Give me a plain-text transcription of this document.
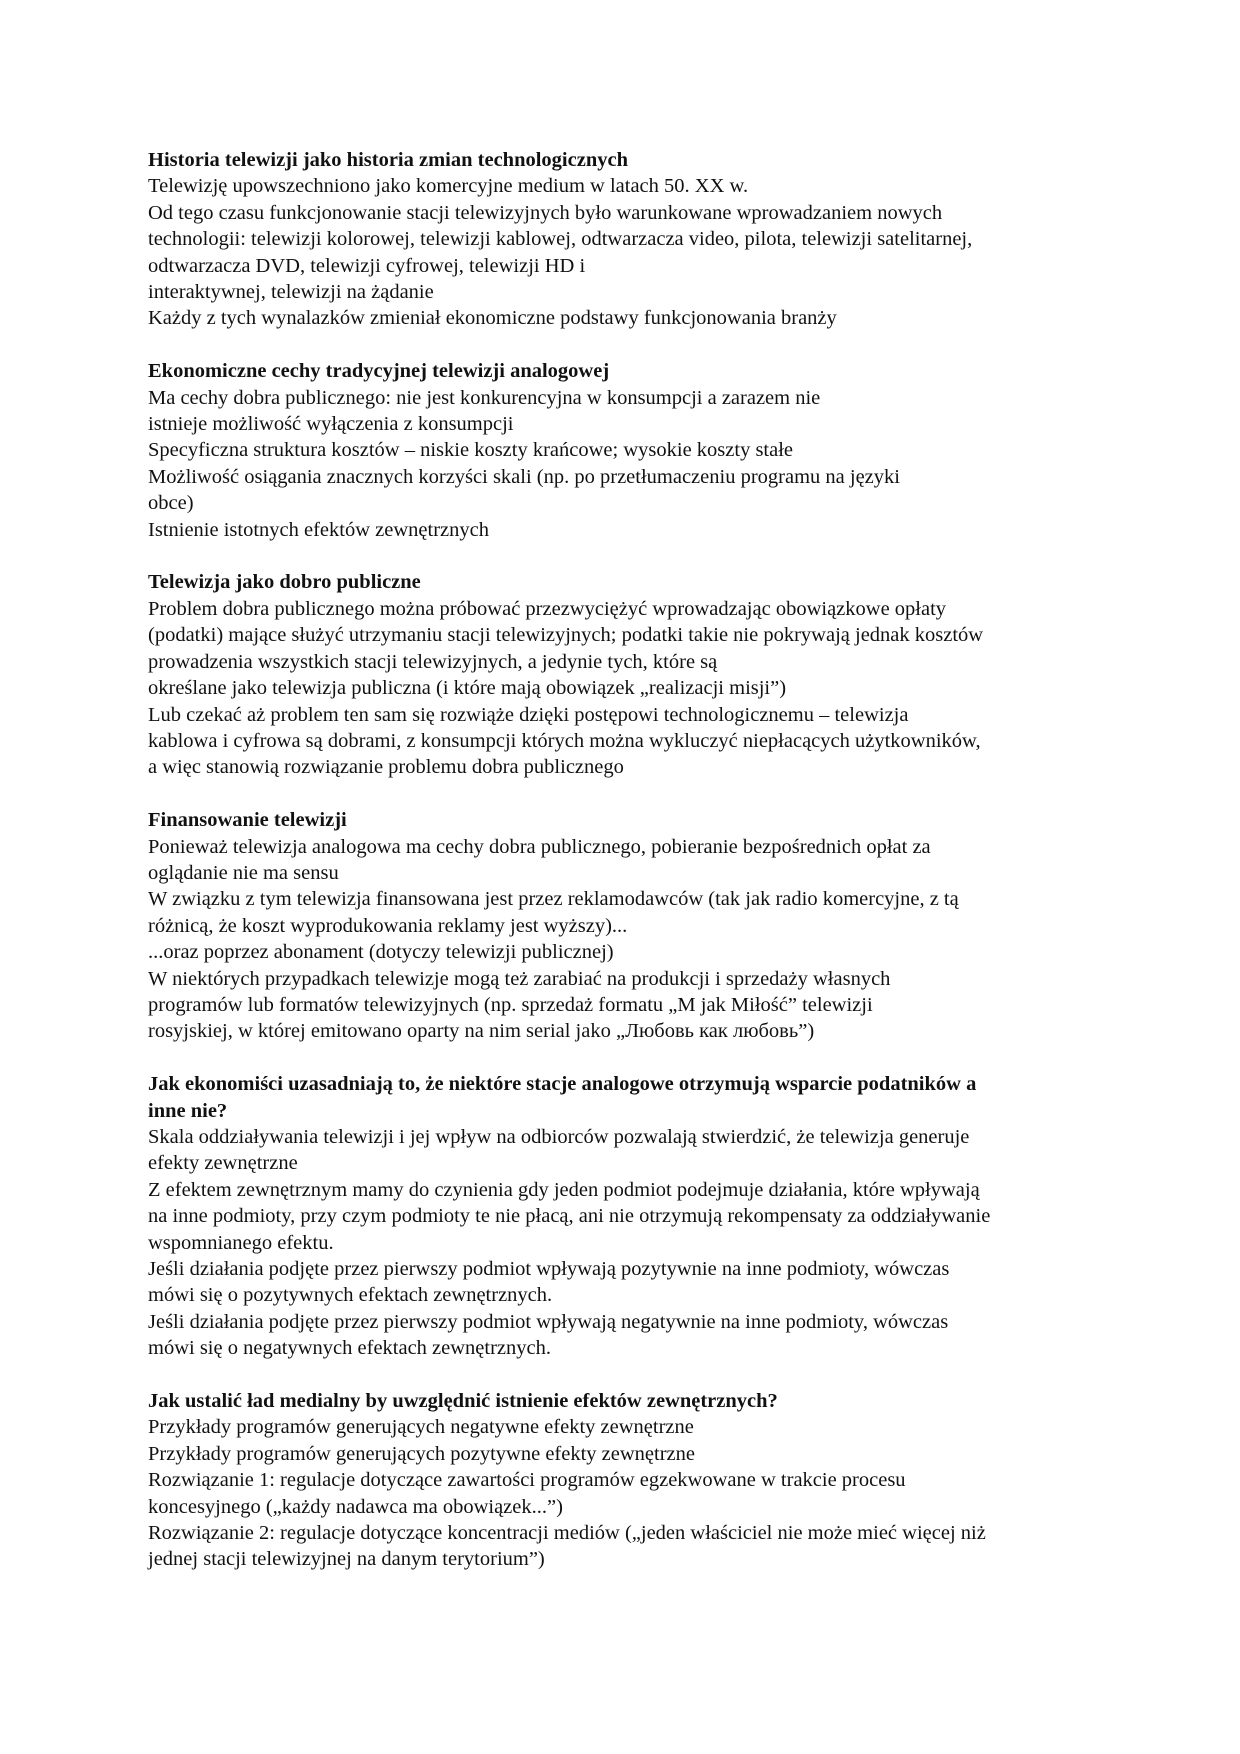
Historia telewizji jako historia zmian technologicznych

Telewizję upowszechniono jako komercyjne medium w latach 50. XX w.

Od tego czasu funkcjonowanie stacji telewizyjnych było warunkowane wprowadzaniem nowych
technologii: telewizji kolorowej, telewizji kablowej, odtwarzacza video, pilota, telewizji satelitarnej,
odtwarzacza DVD, telewizji cyfrowej, telewizji HD i
interaktywnej, telewizji na żądanie

Każdy z tych wynalazków zmieniał ekonomiczne podstawy funkcjonowania branży

Ekonomiczne cechy tradycyjnej telewizji analogowej

Ma cechy dobra publicznego: nie jest konkurencyjna w konsumpcji a zarazem nie
istnieje możliwość wyłączenia z konsumpcji

Specyficzna struktura kosztów – niskie koszty krańcowe; wysokie koszty stałe

Możliwość osiągania znacznych korzyści skali (np. po przetłumaczeniu programu na języki
obce)

Istnienie istotnych efektów zewnętrznych

Telewizja jako dobro publiczne

Problem dobra publicznego można próbować przezwyciężyć wprowadzając obowiązkowe opłaty
(podatki) mające służyć utrzymaniu stacji telewizyjnych; podatki takie nie pokrywają jednak kosztów
prowadzenia wszystkich stacji telewizyjnych, a jedynie tych, które są
określane jako telewizja publiczna (i które mają obowiązek „realizacji misji”)

Lub czekać aż problem ten sam się rozwiąże dzięki postępowi technologicznemu – telewizja
kablowa i cyfrowa są dobrami, z konsumpcji których można wykluczyć niepłacących użytkowników,
a więc stanowią rozwiązanie problemu dobra publicznego

Finansowanie telewizji

Ponieważ telewizja analogowa ma cechy dobra publicznego, pobieranie bezpośrednich opłat za
oglądanie nie ma sensu

W związku z tym telewizja finansowana jest przez reklamodawców (tak jak radio komercyjne, z tą
różnicą, że koszt wyprodukowania reklamy jest wyższy)...

...oraz poprzez abonament (dotyczy telewizji publicznej)

W niektórych przypadkach telewizje mogą też zarabiać na produkcji i sprzedaży własnych
programów lub formatów telewizyjnych (np. sprzedaż formatu „M jak Miłość” telewizji
rosyjskiej, w której emitowano oparty na nim serial jako „Любовь как любовь”)

Jak ekonomiści uzasadniają to, że niektóre stacje analogowe otrzymują wsparcie podatników a
inne nie?

Skala oddziaływania telewizji i jej wpływ na odbiorców pozwalają stwierdzić, że telewizja generuje
efekty zewnętrzne

Z efektem zewnętrznym mamy do czynienia gdy jeden podmiot podejmuje działania, które wpływają
na inne podmioty, przy czym podmioty te nie płacą, ani nie otrzymują rekompensaty za oddziaływanie
wspomnianego efektu.

Jeśli działania podjęte przez pierwszy podmiot wpływają pozytywnie na inne podmioty, wówczas
mówi się o pozytywnych efektach zewnętrznych.

Jeśli działania podjęte przez pierwszy podmiot wpływają negatywnie na inne podmioty, wówczas
mówi się o negatywnych efektach zewnętrznych.

Jak ustalić ład medialny by uwzględnić istnienie efektów zewnętrznych?

Przykłady programów generujących negatywne efekty zewnętrzne

Przykłady programów generujących pozytywne efekty zewnętrzne

Rozwiązanie 1: regulacje dotyczące zawartości programów egzekwowane w trakcie procesu
koncesyjnego („każdy nadawca ma obowiązek...”)

Rozwiązanie 2: regulacje dotyczące koncentracji mediów („jeden właściciel nie może mieć więcej niż
jednej stacji telewizyjnej na danym terytorium”)
